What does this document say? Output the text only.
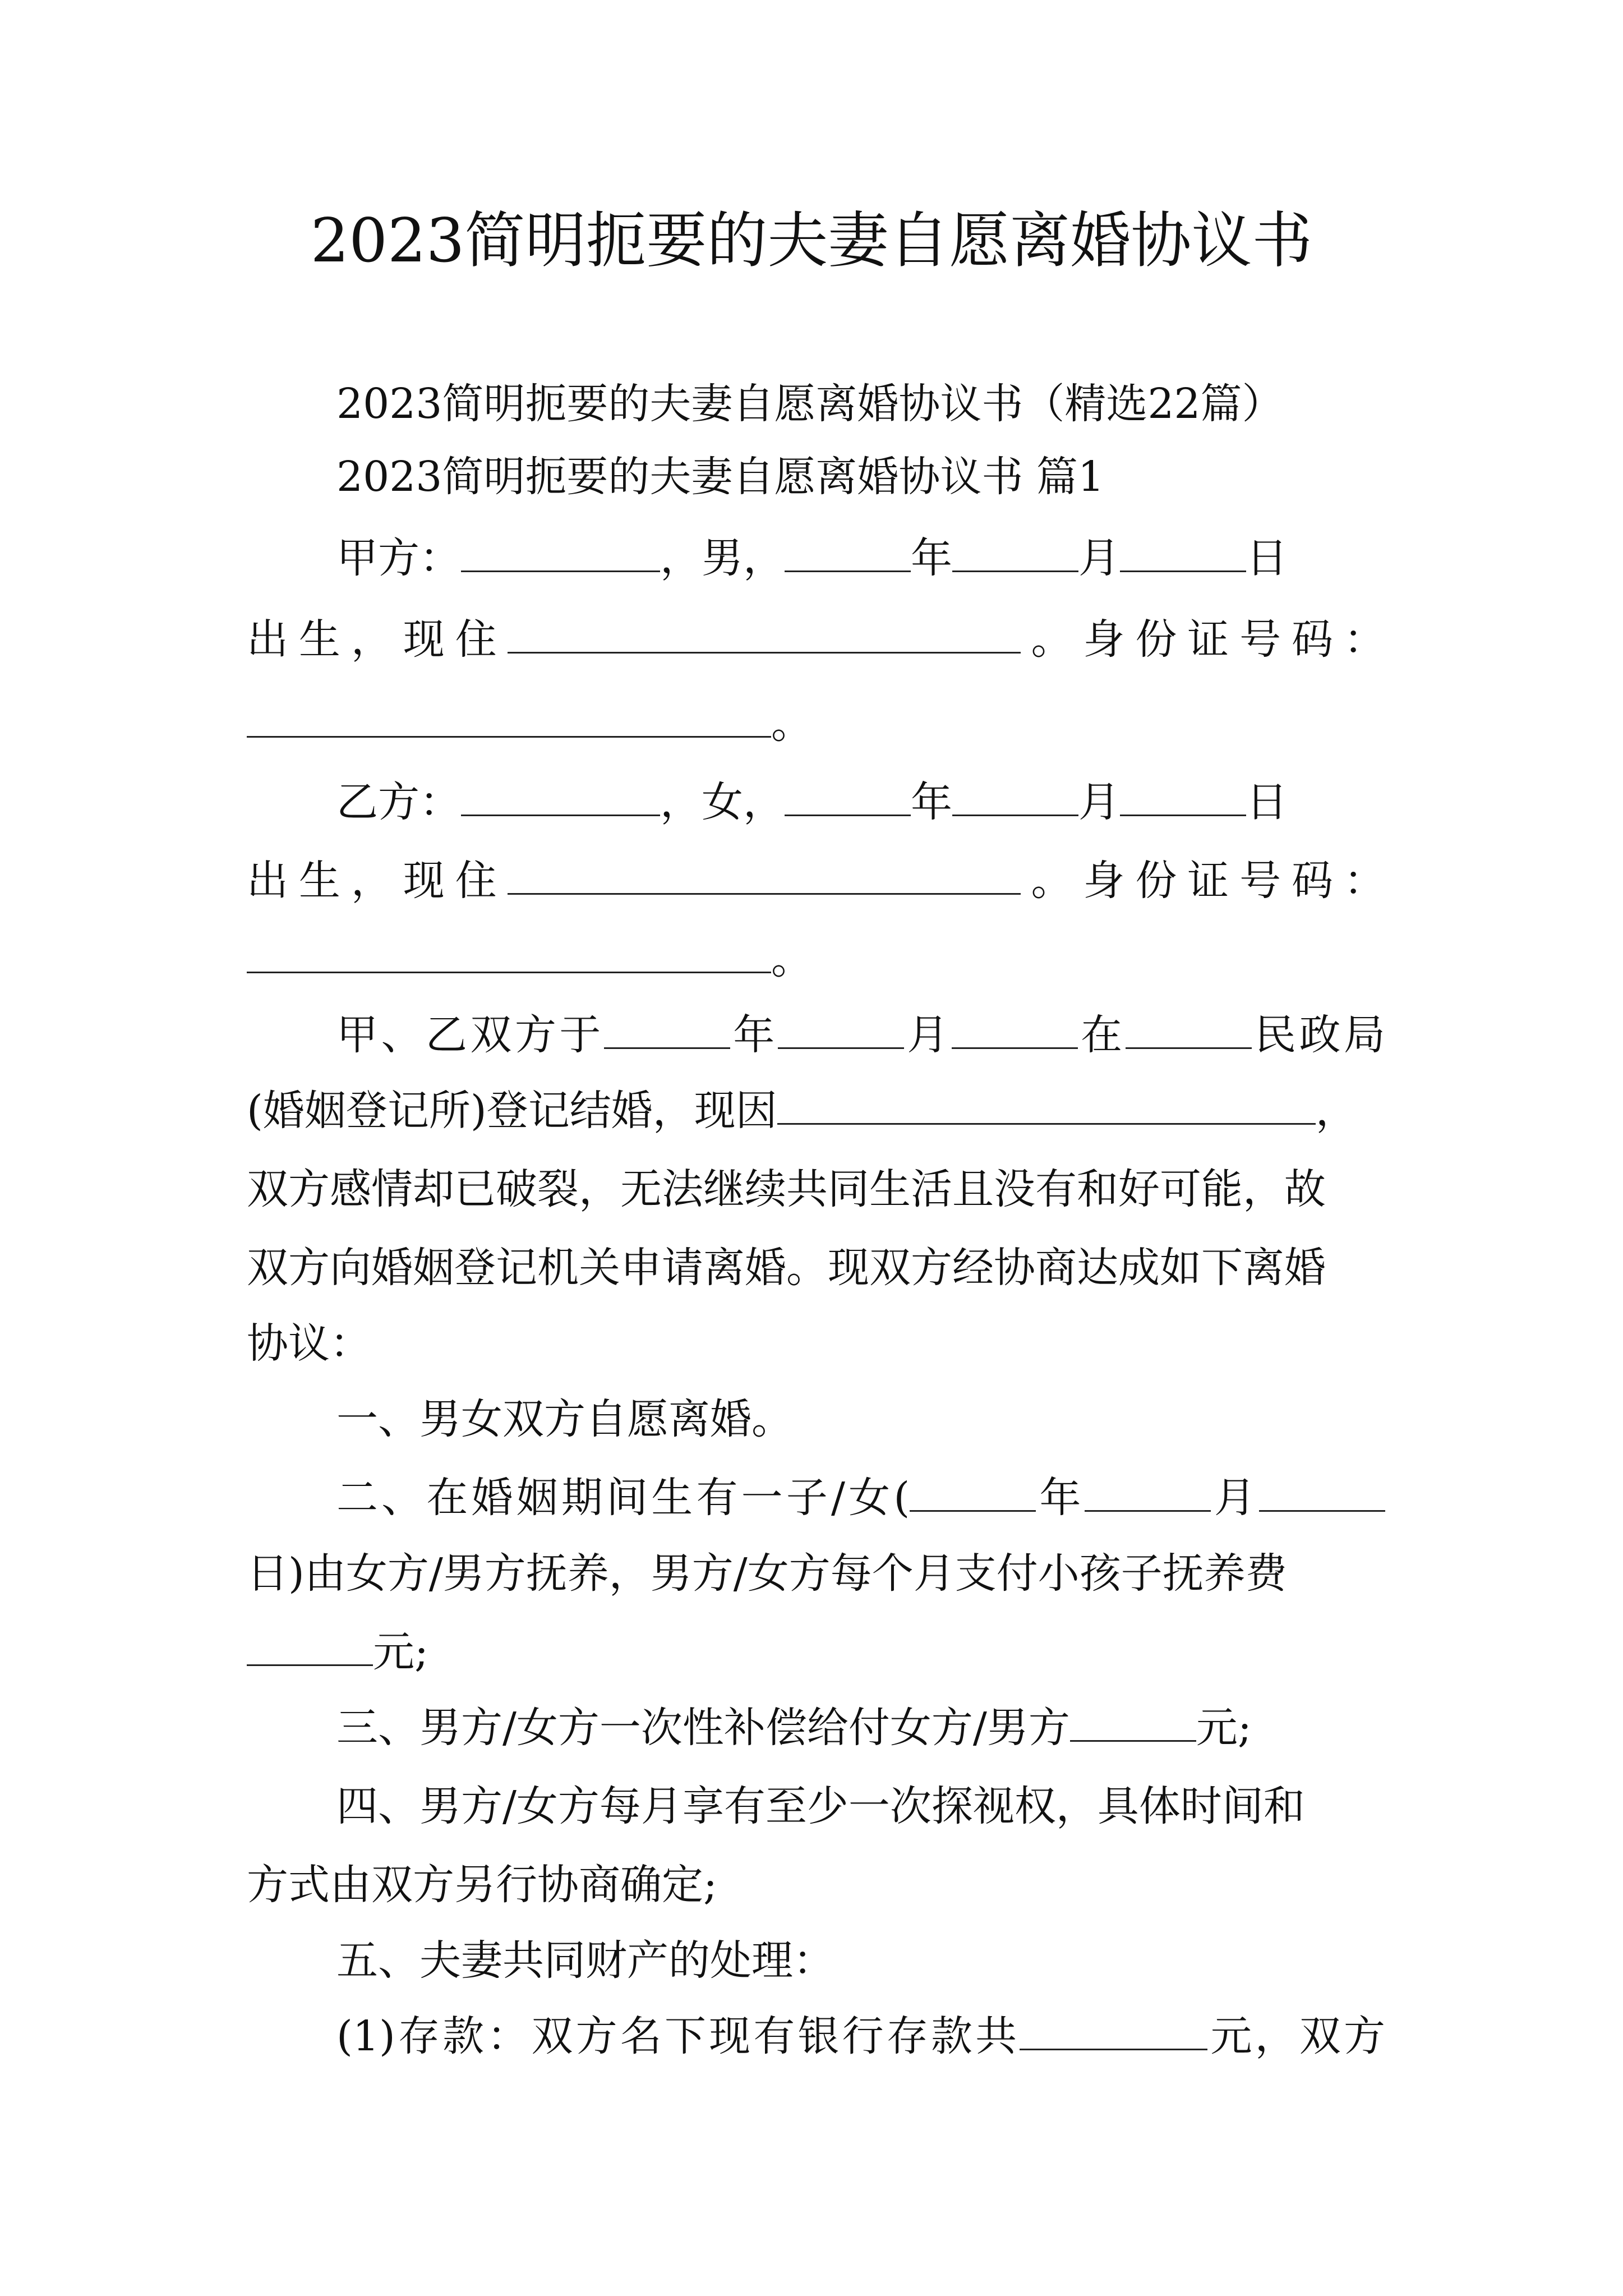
2023简明扼要的夫妻自愿离婚协议书
2023简明扼要的夫妻自愿离婚协议书（精选22篇）
2023简明扼要的夫妻自愿离婚协议书 篇1
甲方：	，男，	年	月	日
出生，现住	。身份证号码：
。
乙方：	，女，	年	月	日
出生，现住	。身份证号码：
。
甲、乙双方于	年	月	在	民政局
(婚姻登记所)登记结婚，现因	，
双方感情却已破裂，无法继续共同生活且没有和好可能，故
双方向婚姻登记机关申请离婚。现双方经协商达成如下离婚
协议：
一、男女双方自愿离婚。
二、在婚姻期间生有一子/女(	年	月
日)由女方/男方抚养，男方/女方每个月支付小孩子抚养费
元;
三、男方/女方一次性补偿给付女方/男方	元;
四、男方/女方每月享有至少一次探视权，具体时间和
方式由双方另行协商确定;
五、夫妻共同财产的处理：
(1)存款：双方名下现有银行存款共	元，双方
